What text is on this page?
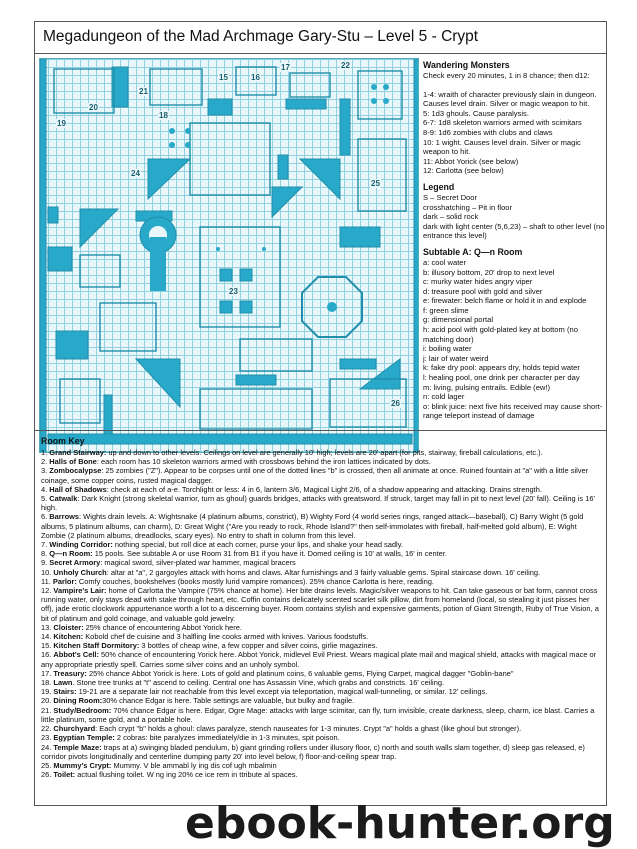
Megadungeon of the Mad Archmage Gary-Stu – Level 5 - Crypt
15	16
17
18
19
20
21
22
23
24
25
26
Wandering Monsters
Check every 20 minutes, 1 in 8 chance; then d12:
1-4: wraith of character previously slain in dungeon. Causes level drain. Silver or magic weapon to hit.
5: 1d3 ghouls. Cause paralysis.
6-7: 1d8 skeleton warriors armed with scimitars
8-9: 1d6 zombies with clubs and claws
10: 1 wight. Causes level drain. Silver or magic weapon to hit.
11: Abbot Yorick (see below)
12: Carlotta (see below)
Legend
S – Secret Door
crosshatching – Pit in floor
dark – solid rock
dark with light center (5,6,23) – shaft to other level (no entrance this level)
Subtable A: Q—n Room
a: cool water
b: illusory bottom, 20' drop to next level
c: murky water hides angry viper
d: treasure pool with gold and silver
e: firewater: belch flame or hold it in and explode
f: green slime
g: dimensional portal
h: acid pool with gold-plated key at bottom (no matching door)
i: boiling water
j: lair of water weird
k: fake dry pool: appears dry, holds tepid water
l: healing pool, one drink per character per day
m: living, pulsing entrails. Edible (ew!)
n: cold lager
o: blink juice: next five hits received may cause short-range teleport instead of damage
Room Key

1. Grand Stairway: up and down to other levels. Ceilings on level are generally 10' high; levels are 20' apart (for pits, stairway, fireball calculations, etc.).

2. Halls of Bone: each room has 10 skeleton warriors armed with crossbows behind the iron lattices indicated by dots.

3. Zombocalypse: 25 zombies ("Z"). Appear to be corpses until one of the dotted lines "b" is crossed, then all animate at once. Ruined fountain at "a" with a little silver coinage, some copper coins, rusted magical dagger.

4. Hall of Shadows: check at each of a-e. Torchlight or less: 4 in 6, lantern 3/6, Magical Light 2/6, of a shadow appearing and attacking. Drains strength.

5. Catwalk: Dark Knight (strong skeletal warrior, turn as ghoul) guards bridges, attacks with greatsword. If struck, target may fall in pit to next level (20' fall). Ceiling is 16' high.

6. Barrows: Wights drain levels. A: Wightsnake (4 platinum albums, constrict), B) Wighty Ford (4 world series rings, ranged attack—baseball), C) Barry Wight (5 gold albums, 5 platinum albums, can charm), D: Great Wight ("Are you ready to rock, Rhode Island?" then self-immolates with fireball, half-melted gold album), E: Wight Zombie (2 platinum albums, dreadlocks, scary eyes). No entry to shaft in column from this level.

7. Winding Corridor: nothing special, but roll dice at each corner, purse your lips, and shake your head sadly.

8. Q—n Room: 15 pools. See subtable A or use Room 31 from B1 if you have it. Domed ceiling is 10' at walls, 16' in center.

9. Secret Armory: magical sword, silver-plated war hammer, magical bracers

10. Unholy Church: altar at "a", 2 gargoyles attack with horns and claws. Altar furnishings and 3 fairly valuable gems. Spiral staircase down. 16' ceiling.

11. Parlor: Comfy couches, bookshelves (books mostly lurid vampire romances). 25% chance Carlotta is here, reading.

12. Vampire's Lair: home of Carlotta the Vampire (75% chance at home). Her bite drains levels. Magic/silver weapons to hit. Can take gaseous or bat form, cannot cross running water, only stays dead with stake through heart, etc. Coffin contains delicately scented scarlet silk pillow, dirt from homeland (local, so stealing it just pisses her off), jade erotic clockwork appurtenance worth a lot to a discerning buyer. Room contains stylish and expensive garments, potion of Giant Strength, Ruby of True Vision, a bit of platinum and gold coinage, and valuable gold jewelry.

13. Cloister: 25% chance of encountering Abbot Yorick here.

14. Kitchen: Kobold chef de cuisine and 3 halfling line cooks armed with knives. Various foodstuffs.

15. Kitchen Staff Dormitory: 3 bottles of cheap wine, a few copper and silver coins, girlie magazines.

16. Abbot's Cell: 50% chance of encountering Yorick here. Abbot Yorick, midlevel Evil Priest. Wears magical plate mail and magical shield, attacks with magical mace or any appropriate priestly spell. Carries some silver coins and an unholy symbol.

17. Treasury: 25% chance Abbot Yorick is here. Lots of gold and platinum coins, 6 valuable gems, Flying Carpet, magical dagger "Goblin-bane"

18. Lawn. Stone tree trunks at "t" ascend to ceiling. Central one has Assassin Vine, which grabs and constricts. 16' ceiling.

19. Stairs: 19-21 are a separate lair not reachable from this level except via teleportation, magical wall-tunneling, or similar. 12' ceilings.

20. Dining Room:30% chance Edgar is here. Table settings are valuable, but bulky and fragile.

21. Study/Bedroom: 70% chance Edgar is here. Edgar, Ogre Mage: attacks with large scimitar, can fly, turn invisible, create darkness, sleep, charm, ice blast. Carries a little platinum, some gold, and a portable hole.

22. Churchyard: Each crypt "b" holds a ghoul: claws paralyze, stench nauseates for 1-3 minutes. Crypt "a" holds a ghast (like ghoul but stronger).

23. Egyptian Temple: 2 cobras: bite paralyzes immediately/die in 1-3 minutes, spit poison.

24. Temple Maze: traps at a) swinging bladed pendulum, b) giant grinding rollers under illusory floor, c) north and south walls slam together, d) sleep gas released, e) corridor pivots longitudinally and centerline dumping party 20' into level below, f) floor-and-ceiling spear trap.

25. Mummy's Crypt: Mummy. V ble ammabl ly ing dis cof ugh mbalmin

26. Toilet: actual flushing toilet. W ng ing 20% ce ice rem in ttribute al spaces.

ebook-hunter.org
